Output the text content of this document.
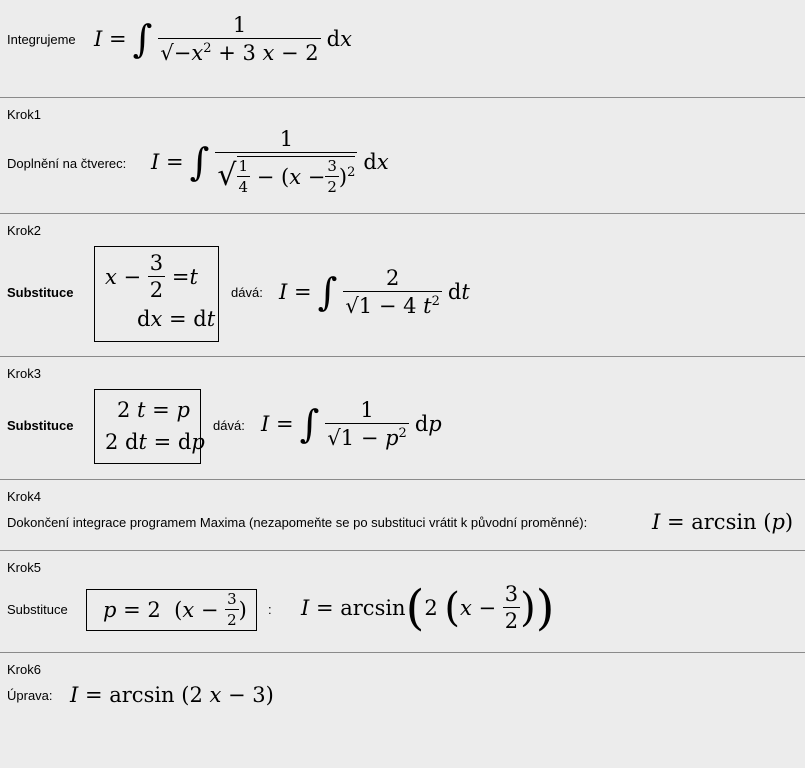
Integrujeme I = ∫ $\frac{1}{√-x^2 + 3 x - 2}$ dx
Krok1
Doplnění na čtverec: I = ∫ $\frac{1}{√ \frac{1}{4} - (x - \frac{3}{2} )^2}$ dx
Krok2
Substituce
$x - \frac{3}{2} = t$
dx = dt
dává: I = ∫ $\frac{2}{√1 - 4 t^2}$ dt
Krok3
Substituce
2 t = p
2 dt = dp
dává: I = ∫ $\frac{1}{√1 - p^2}$ dp
Krok4
Dokončení integrace programem Maxima (nezapomeňte se po substituci vrátit k původní proměnné):	I = arcsin (p)
Krok5
Substituce p = 2  ( $x - \frac{3}{2}$ ) : I = arcsin ( 2 ( $x - \frac{3}{2}$ ) )
Krok6
Úprava: I = arcsin (2 x − 3)
